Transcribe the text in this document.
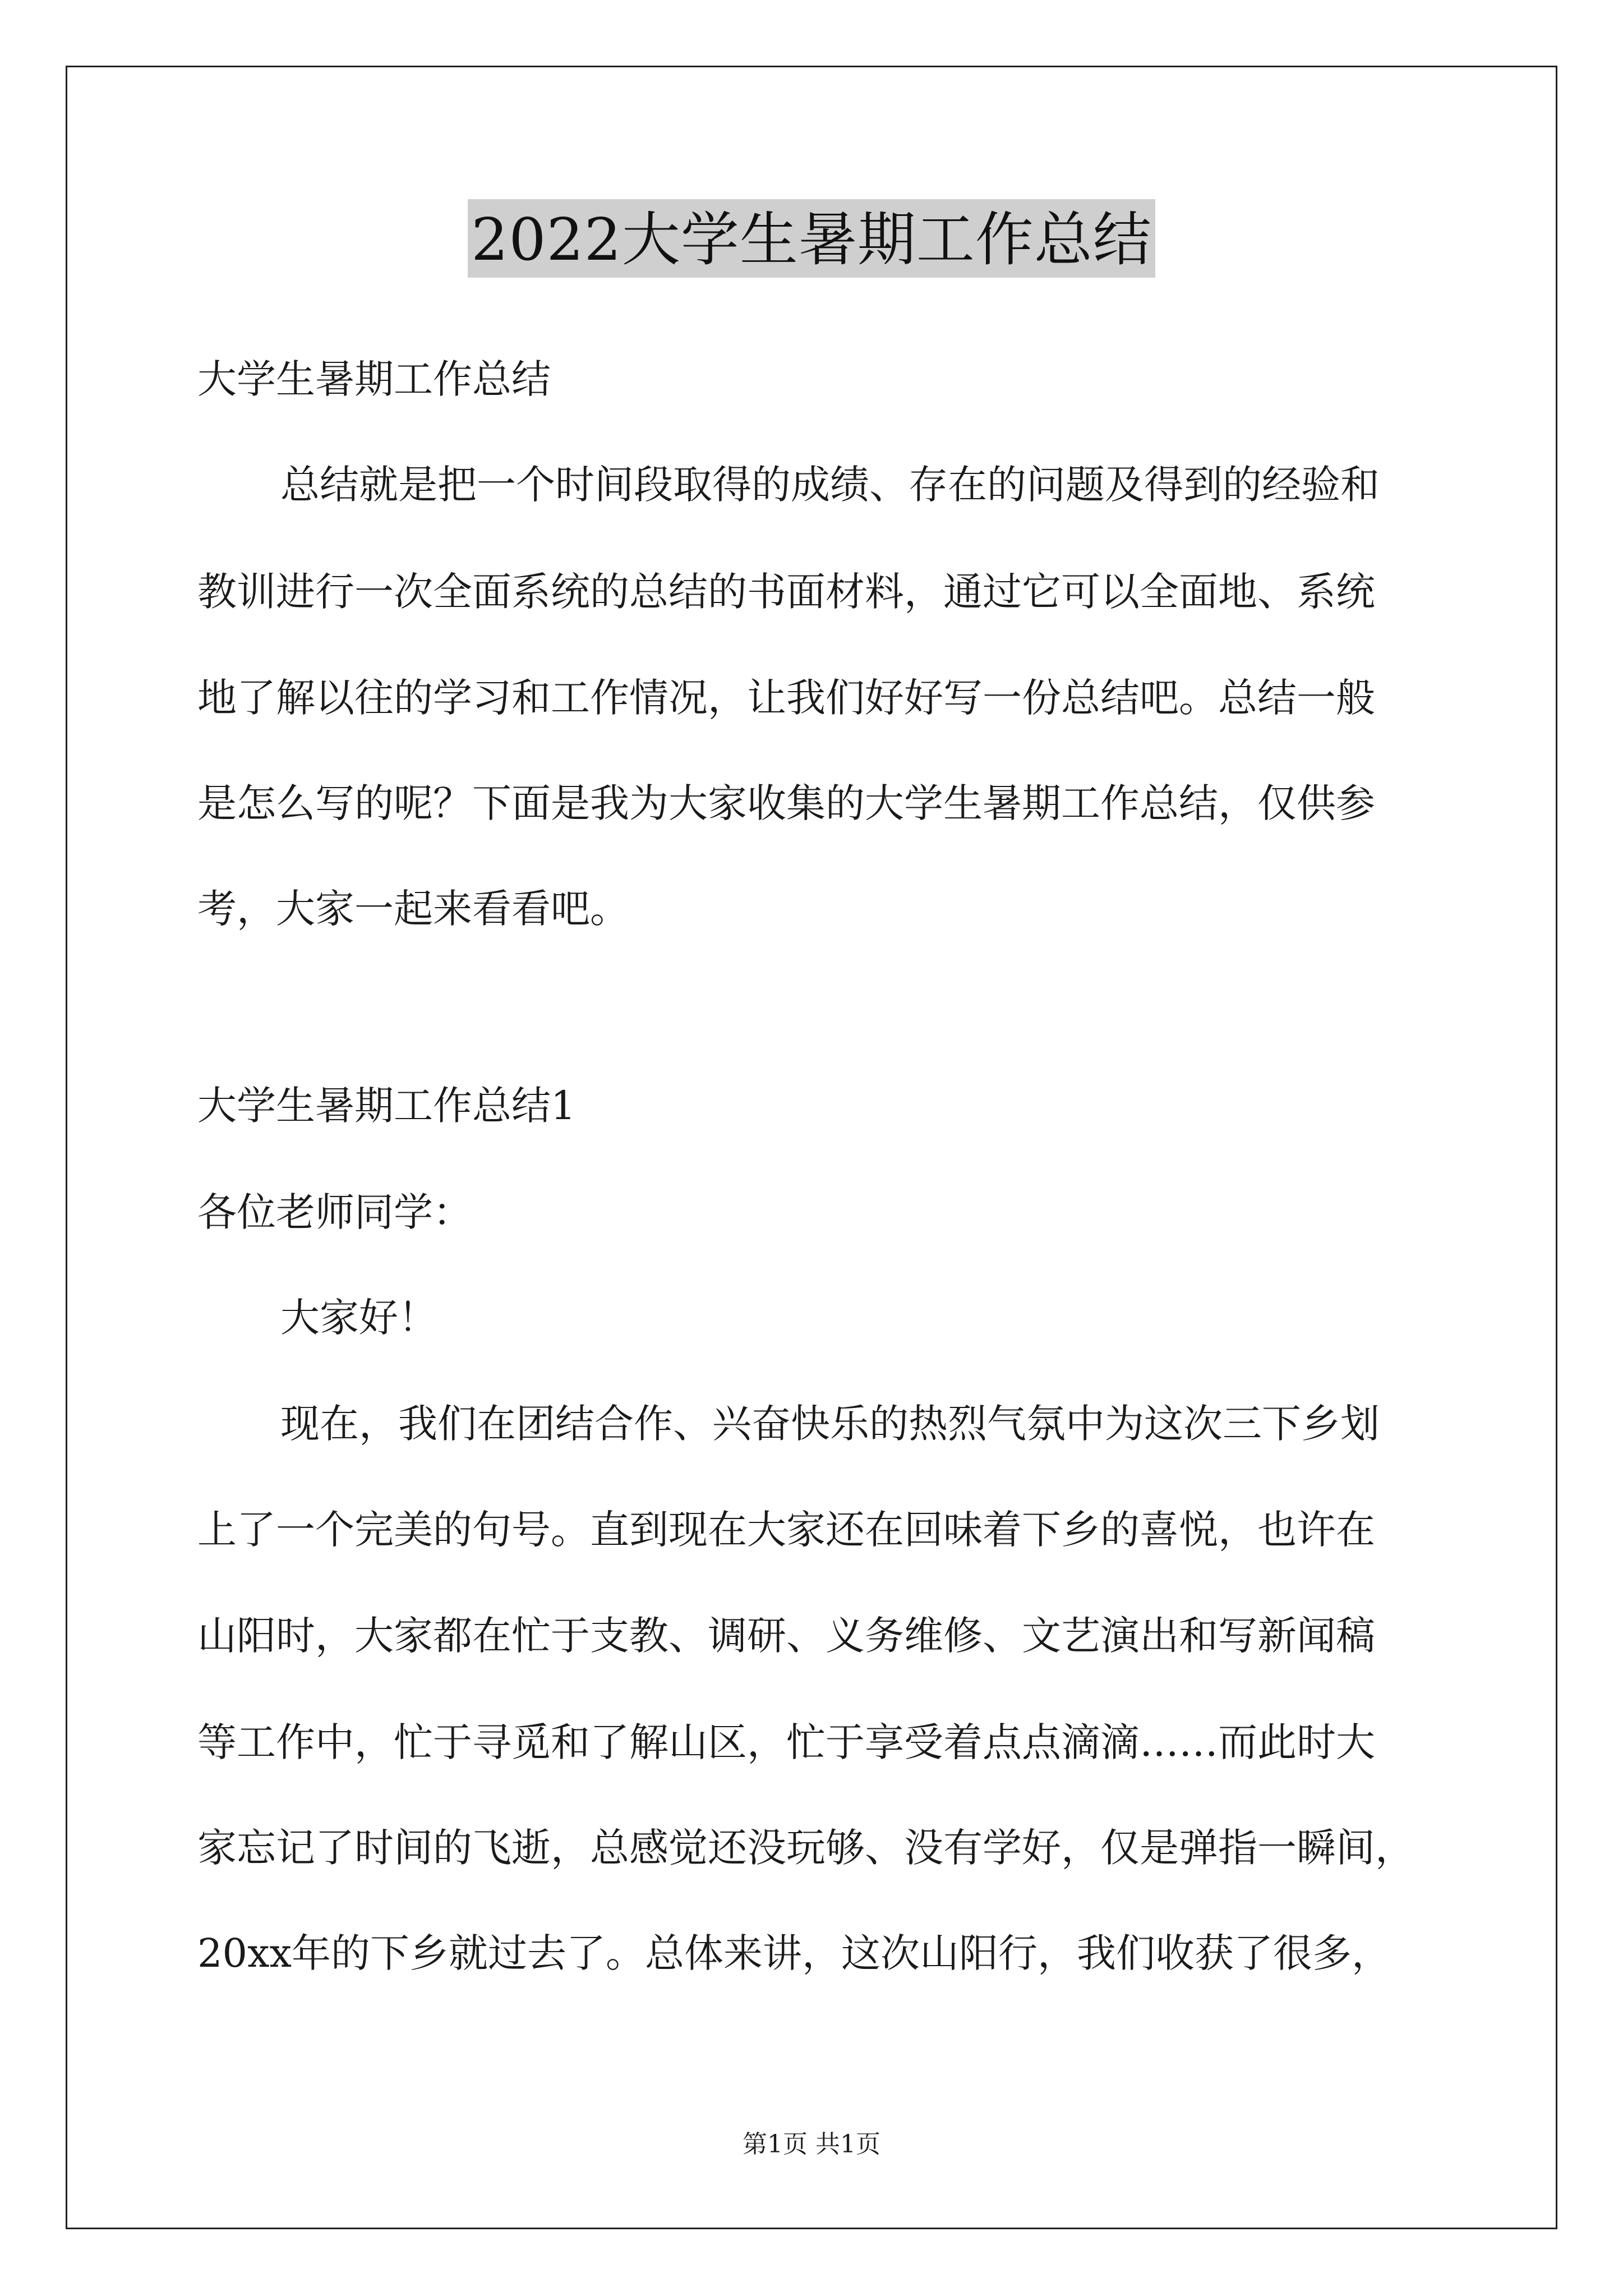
2022大学生暑期工作总结
大学生暑期工作总结
总结就是把一个时间段取得的成绩、存在的问题及得到的经验和
教训进行一次全面系统的总结的书面材料，通过它可以全面地、系统
地了解以往的学习和工作情况，让我们好好写一份总结吧。总结一般
是怎么写的呢？下面是我为大家收集的大学生暑期工作总结，仅供参
考，大家一起来看看吧。
大学生暑期工作总结1
各位老师同学：
大家好！
现在，我们在团结合作、兴奋快乐的热烈气氛中为这次三下乡划
上了一个完美的句号。直到现在大家还在回味着下乡的喜悦，也许在
山阳时，大家都在忙于支教、调研、义务维修、文艺演出和写新闻稿
等工作中，忙于寻觅和了解山区，忙于享受着点点滴滴……而此时大
家忘记了时间的飞逝，总感觉还没玩够、没有学好，仅是弹指一瞬间，
20xx年的下乡就过去了。总体来讲，这次山阳行，我们收获了很多，
第1页 共1页
